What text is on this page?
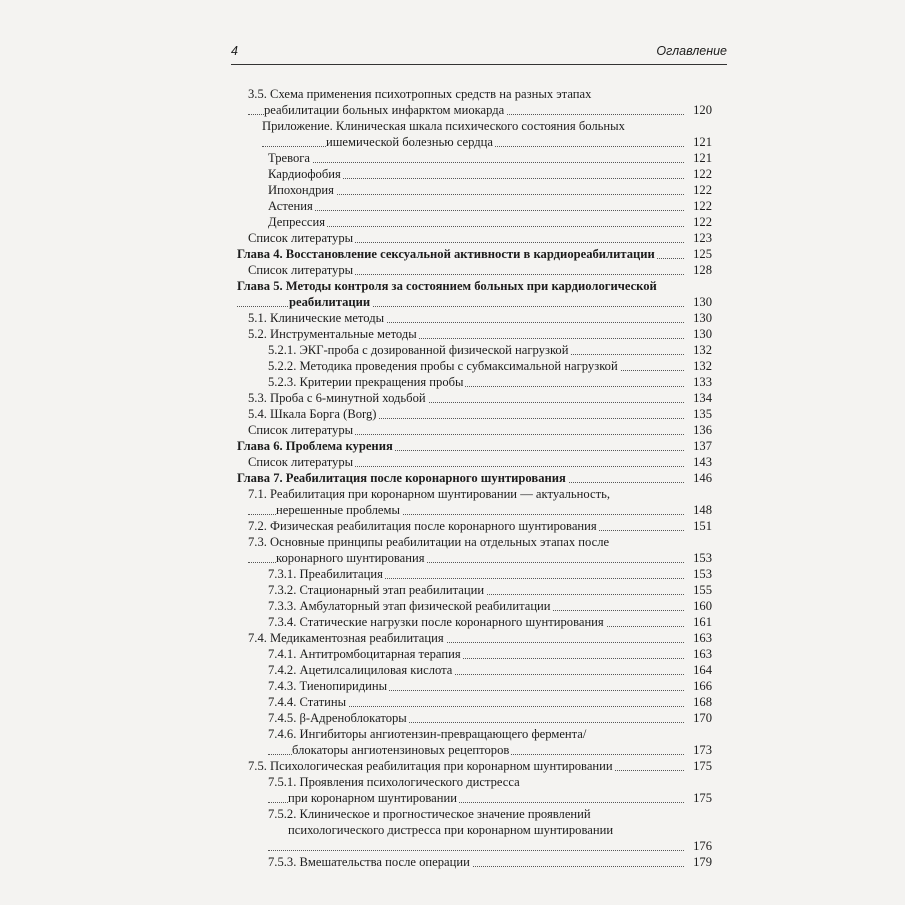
4	Оглавление
3.5. Схема применения психотропных средств на разных этапах
реабилитации больных инфарктом миокарда	120
Приложение. Клиническая шкала психического состояния больных
ишемической болезнью сердца	121
Тревога	121
Кардиофобия	122
Ипохондрия	122
Астения	122
Депрессия	122
Список литературы	123
Глава 4. Восстановление сексуальной активности в кардиореабилитации	125
Список литературы	128
Глава 5. Методы контроля за состоянием больных при кардиологической
реабилитации	130
5.1. Клинические методы	130
5.2. Инструментальные методы	130
5.2.1. ЭКГ-проба с дозированной физической нагрузкой	132
5.2.2. Методика проведения пробы с субмаксимальной нагрузкой	132
5.2.3. Критерии прекращения пробы	133
5.3. Проба с 6-минутной ходьбой	134
5.4. Шкала Борга (Borg)	135
Список литературы	136
Глава 6. Проблема курения	137
Список литературы	143
Глава 7. Реабилитация после коронарного шунтирования	146
7.1. Реабилитация при коронарном шунтировании — актуальность,
нерешенные проблемы	148
7.2. Физическая реабилитация после коронарного шунтирования	151
7.3. Основные принципы реабилитации на отдельных этапах после
коронарного шунтирования	153
7.3.1. Преабилитация	153
7.3.2. Стационарный этап реабилитации	155
7.3.3. Амбулаторный этап физической реабилитации	160
7.3.4. Статические нагрузки после коронарного шунтирования	161
7.4. Медикаментозная реабилитация	163
7.4.1. Антитромбоцитарная терапия	163
7.4.2. Ацетилсалициловая кислота	164
7.4.3. Тиенопиридины	166
7.4.4. Статины	168
7.4.5. β-Адреноблокаторы	170
7.4.6. Ингибиторы ангиотензин-превращающего фермента/
блокаторы ангиотензиновых рецепторов	173
7.5. Психологическая реабилитация при коронарном шунтировании	175
7.5.1. Проявления психологического дистресса
при коронарном шунтировании	175
7.5.2. Клиническое и прогностическое значение проявлений
психологического дистресса при коронарном шунтировании
176
7.5.3. Вмешательства после операции	179
